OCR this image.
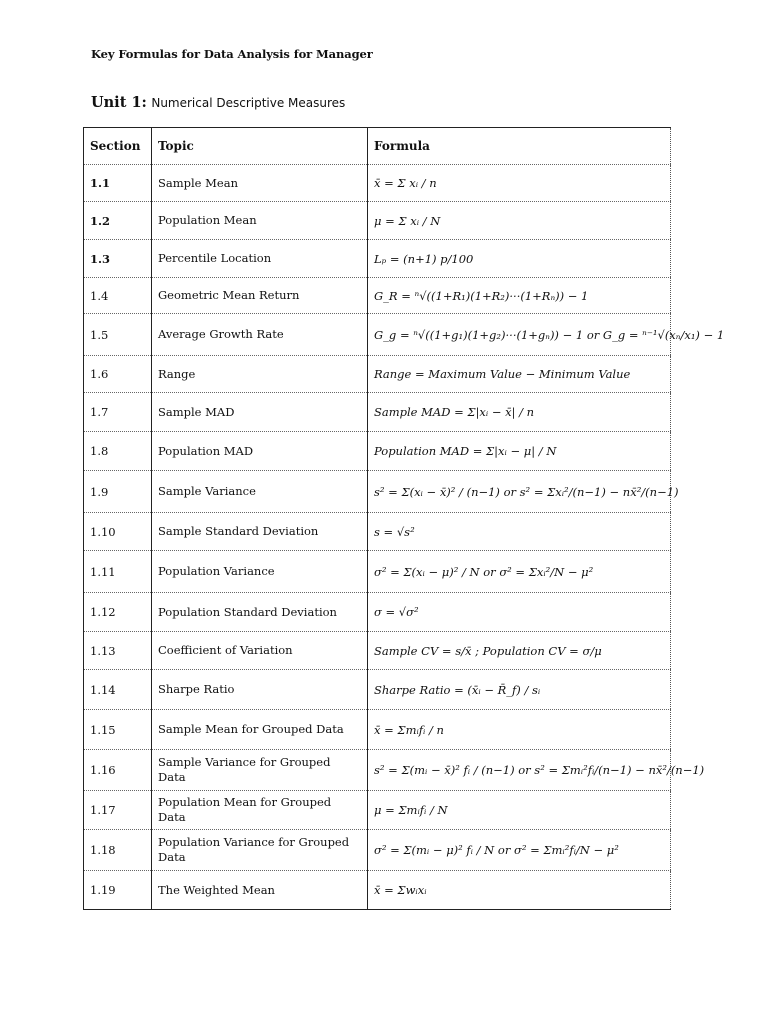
Key Formulas for Data Analysis for Manager
Unit 1: Numerical Descriptive Measures
Section	Topic	Formula
1.1	Sample Mean	x̄ = Σ xᵢ / n
1.2	Population Mean	μ = Σ xᵢ / N
1.3	Percentile Location	Lₚ = (n+1) p/100
1.4	Geometric Mean Return	G_R = ⁿ√((1+R₁)(1+R₂)···(1+Rₙ)) − 1
1.5	Average Growth Rate	G_g = ⁿ√((1+g₁)(1+g₂)···(1+gₙ)) − 1 or G_g = ⁿ⁻¹√(xₙ/x₁) − 1
1.6	Range	Range = Maximum Value − Minimum Value
1.7	Sample MAD	Sample MAD = Σ|xᵢ − x̄| / n
1.8	Population MAD	Population MAD = Σ|xᵢ − μ| / N
1.9	Sample Variance	s² = Σ(xᵢ − x̄)² / (n−1) or s² = Σxᵢ²/(n−1) − nx̄²/(n−1)
1.10	Sample Standard Deviation	s = √s²
1.11	Population Variance	σ² = Σ(xᵢ − μ)² / N or σ² = Σxᵢ²/N − μ²
1.12	Population Standard Deviation	σ = √σ²
1.13	Coefficient of Variation	Sample CV = s/x̄ ; Population CV = σ/μ
1.14	Sharpe Ratio	Sharpe Ratio = (x̄ᵢ − R̄_f) / sᵢ
1.15	Sample Mean for Grouped Data	x̄ = Σmᵢfᵢ / n
1.16	Sample Variance for Grouped Data	s² = Σ(mᵢ − x̄)² fᵢ / (n−1) or s² = Σmᵢ²fᵢ/(n−1) − nx̄²/(n−1)
1.17	Population Mean for Grouped Data	μ = Σmᵢfᵢ / N
1.18	Population Variance for Grouped Data	σ² = Σ(mᵢ − μ)² fᵢ / N or σ² = Σmᵢ²fᵢ/N − μ²
1.19	The Weighted Mean	x̄ = Σwᵢxᵢ
